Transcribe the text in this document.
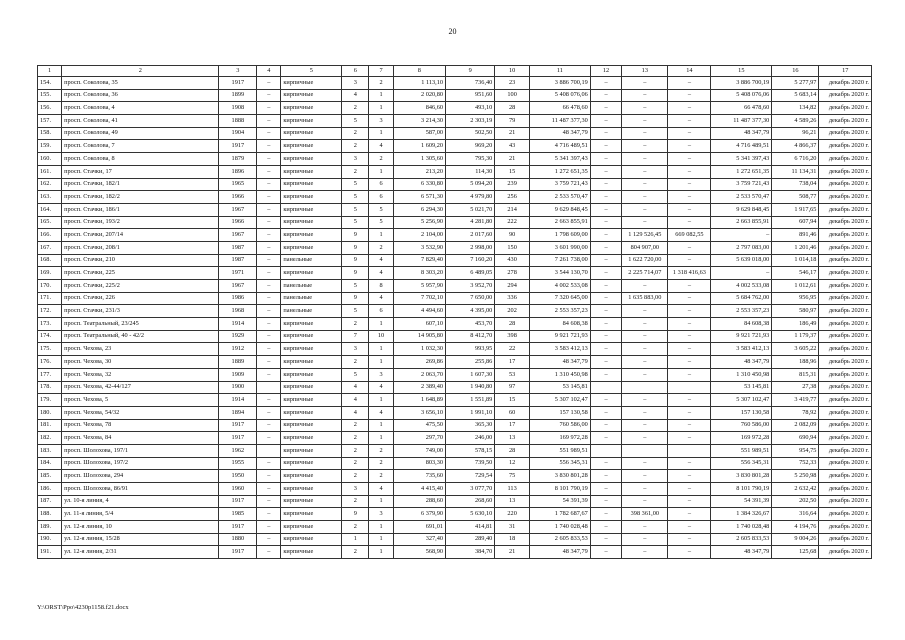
20
1	2	3	4	5	6	7	8	9	10	11	12	13	14	15	16	17
154.	просп. Соколова, 35	1917	–	кирпичные	3	2	1 113,10	736,40	23	3 886 700,19	–	–	–	3 886 700,19	5 277,97	декабрь 2020 г.
155.	просп. Соколова, 36	1899	–	кирпичные	4	1	2 020,80	951,60	100	5 408 076,06	–	–	–	5 408 076,06	5 683,14	декабрь 2020 г.
156.	просп. Соколова, 4	1908	–	кирпичные	2	1	846,60	493,10	28	66 478,60	–	–	–	66 478,60	134,82	декабрь 2020 г.
157.	просп. Соколова, 41	1888	–	кирпичные	5	3	3 214,30	2 303,19	79	11 487 377,30	–	–	–	11 487 377,30	4 589,26	декабрь 2020 г.
158.	просп. Соколова, 49	1904	–	кирпичные	2	1	587,00	502,50	21	48 347,79	–	–	–	48 347,79	96,21	декабрь 2020 г.
159.	просп. Соколова, 7	1917	–	кирпичные	2	4	1 609,20	969,20	43	4 716 489,51	–	–	–	4 716 489,51	4 866,37	декабрь 2020 г.
160.	просп. Соколова, 8	1879	–	кирпичные	3	2	1 305,60	795,30	21	5 341 397,43	–	–	–	5 341 397,43	6 716,20	декабрь 2020 г.
161.	просп. Стачки, 17	1896	–	кирпичные	2	1	213,20	114,30	15	1 272 651,35	–	–	–	1 272 651,35	11 134,31	декабрь 2020 г.
162.	просп. Стачки, 182/1	1965	–	кирпичные	5	6	6 330,80	5 094,20	239	3 759 721,43	–	–	–	3 759 721,43	738,04	декабрь 2020 г.
163.	просп. Стачки, 182/2	1966	–	кирпичные	5	6	6 571,30	4 979,80	256	2 533 570,47	–	–	–	2 533 570,47	508,77	декабрь 2020 г.
164.	просп. Стачки, 186/1	1967	–	кирпичные	5	5	6 294,30	5 021,70	214	9 629 848,45	–	–	–	9 629 848,45	1 917,65	декабрь 2020 г.
165.	просп. Стачки, 193/2	1966	–	кирпичные	5	5	5 256,90	4 281,80	222	2 663 855,91	–	–	–	2 663 855,91	607,94	декабрь 2020 г.
166.	просп. Стачки, 207/14	1967	–	кирпичные	9	1	2 104,00	2 017,60	90	1 798 609,00	–	1 129 526,45	669 082,55	–	891,46	декабрь 2020 г.
167.	просп. Стачки, 208/1	1987	–	кирпичные	9	2	3 532,90	2 998,00	150	3 601 990,00	–	804 907,00	–	2 797 083,00	1 201,46	декабрь 2020 г.
168.	просп. Стачки, 210	1987	–	панельные	9	4	7 829,40	7 160,20	430	7 261 738,00	–	1 622 720,00	–	5 639 018,00	1 014,18	декабрь 2020 г.
169.	просп. Стачки, 225	1971	–	кирпичные	9	4	8 303,20	6 489,05	278	3 544 130,70	–	2 225 714,07	1 318 416,63	–	546,17	декабрь 2020 г.
170.	просп. Стачки, 225/2	1967	–	панельные	5	8	5 957,90	3 952,70	294	4 002 533,08	–	–	–	4 002 533,08	1 012,61	декабрь 2020 г.
171.	просп. Стачки, 226	1986	–	панельные	9	4	7 702,10	7 650,00	336	7 320 645,00	–	1 635 883,00	–	5 684 762,00	956,95	декабрь 2020 г.
172.	просп. Стачки, 231/3	1968	–	панельные	5	6	4 494,60	4 395,00	202	2 553 357,23	–	–	–	2 553 357,23	580,97	декабрь 2020 г.
173.	просп. Театральный, 23/245	1914	–	кирпичные	2	1	607,10	453,70	28	84 608,38	–	–	–	84 608,38	186,49	декабрь 2020 г.
174.	просп. Театральный, 40 - 42/2	1929	–	кирпичные	7	10	14 905,80	8 412,70	398	9 921 721,93	–	–	–	9 921 721,93	1 179,37	декабрь 2020 г.
175.	просп. Чехова, 23	1912	–	кирпичные	3	1	1 032,30	993,95	22	3 583 412,13	–	–	–	3 583 412,13	3 605,22	декабрь 2020 г.
176.	просп. Чехова, 30	1889	–	кирпичные	2	1	269,86	255,86	17	48 347,79	–	–	–	48 347,79	188,96	декабрь 2020 г.
177.	просп. Чехова, 32	1909	–	кирпичные	5	3	2 063,70	1 607,30	53	1 310 450,98	–	–	–	1 310 450,98	815,31	декабрь 2020 г.
178.	просп. Чехова, 42-44/127	1900		кирпичные	4	4	2 389,40	1 940,80	97	53 145,81				53 145,81	27,38	декабрь 2020 г.
179.	просп. Чехова, 5	1914	–	кирпичные	4	1	1 648,89	1 551,89	15	5 307 102,47	–	–	–	5 307 102,47	3 419,77	декабрь 2020 г.
180.	просп. Чехова, 54/32	1894	–	кирпичные	4	4	3 656,10	1 991,10	60	157 130,58	–	–	–	157 130,58	78,92	декабрь 2020 г.
181.	просп. Чехова, 78	1917	–	кирпичные	2	1	475,50	365,30	17	760 586,00	–	–	–	760 586,00	2 082,09	декабрь 2020 г.
182.	просп. Чехова, 84	1917	–	кирпичные	2	1	297,70	246,00	13	169 972,28	–	–	–	169 972,28	690,94	декабрь 2020 г.
183.	просп. Шолохова, 197/1	1962		кирпичные	2	2	749,00	578,15	28	551 989,51				551 989,51	954,75	декабрь 2020 г.
184.	просп. Шолохова, 197/2	1955	–	кирпичные	2	2	803,30	739,50	12	556 345,31	–	–	–	556 345,31	752,33	декабрь 2020 г.
185.	просп. Шолохова, 294	1950	–	кирпичные	2	2	735,60	729,54	75	3 830 801,28	–	–	–	3 830 801,28	5 250,98	декабрь 2020 г.
186.	просп. Шолохова, 86/91	1960	–	кирпичные	3	4	4 415,40	3 077,70	113	8 101 790,19	–	–	–	8 101 790,19	2 632,42	декабрь 2020 г.
187.	ул. 10-я линия, 4	1917	–	кирпичные	2	1	288,60	268,60	13	54 391,39	–	–	–	54 391,39	202,50	декабрь 2020 г.
188.	ул. 11-я линия, 5/4	1985	–	кирпичные	9	3	6 379,90	5 630,10	220	1 782 687,67	–	398 361,00	–	1 384 326,67	316,64	декабрь 2020 г.
189.	ул. 12-я линия, 10	1917	–	кирпичные	2	1	691,01	414,81	31	1 740 028,48	–	–	–	1 740 028,48	4 194,76	декабрь 2020 г.
190.	ул. 12-я линия, 15/28	1880	–	кирпичные	1	1	327,40	289,40	18	2 605 833,53	–	–	–	2 605 833,53	9 004,26	декабрь 2020 г.
191.	ул. 12-я линия, 2/31	1917	–	кирпичные	2	1	568,90	384,70	21	48 347,79	–	–	–	48 347,79	125,68	декабрь 2020 г.
Y:\ORST\Ppo\4230p1158.f21.docx
